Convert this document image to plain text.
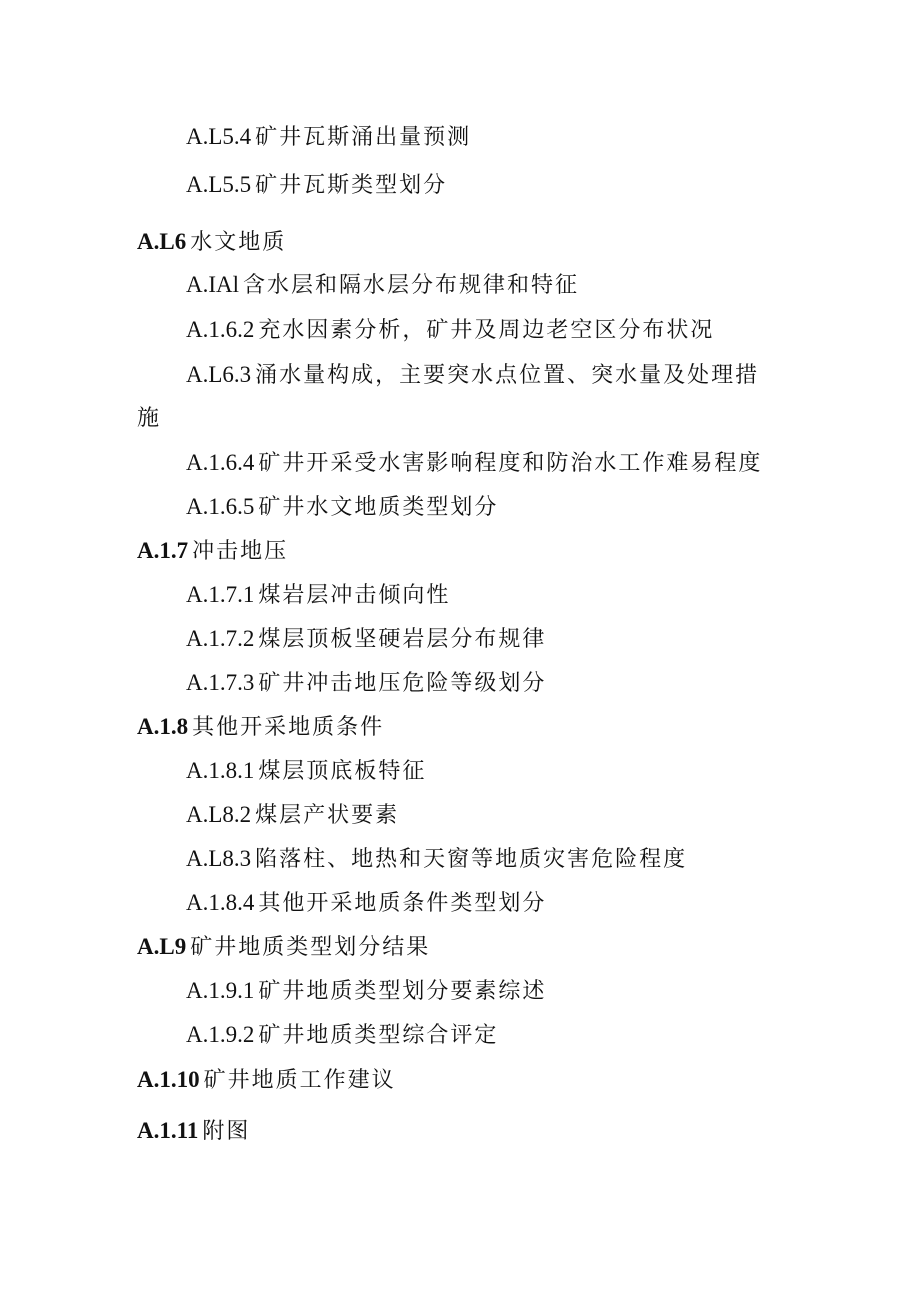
A.L5.4 矿井瓦斯涌出量预测
A.L5.5 矿井瓦斯类型划分
A.L6 水文地质
A.IAl 含水层和隔水层分布规律和特征
A.1.6.2 充水因素分析，矿井及周边老空区分布状况
A.L6.3 涌水量构成，主要突水点位置、突水量及处理措
施
A.1.6.4 矿井开采受水害影响程度和防治水工作难易程度
A.1.6.5 矿井水文地质类型划分
A.1.7 冲击地压
A.1.7.1 煤岩层冲击倾向性
A.1.7.2 煤层顶板坚硬岩层分布规律
A.1.7.3 矿井冲击地压危险等级划分
A.1.8 其他开采地质条件
A.1.8.1 煤层顶底板特征
A.L8.2 煤层产状要素
A.L8.3 陷落柱、地热和天窗等地质灾害危险程度
A.1.8.4 其他开采地质条件类型划分
A.L9 矿井地质类型划分结果
A.1.9.1 矿井地质类型划分要素综述
A.1.9.2 矿井地质类型综合评定
A.1.10 矿井地质工作建议
A.1.11 附图
